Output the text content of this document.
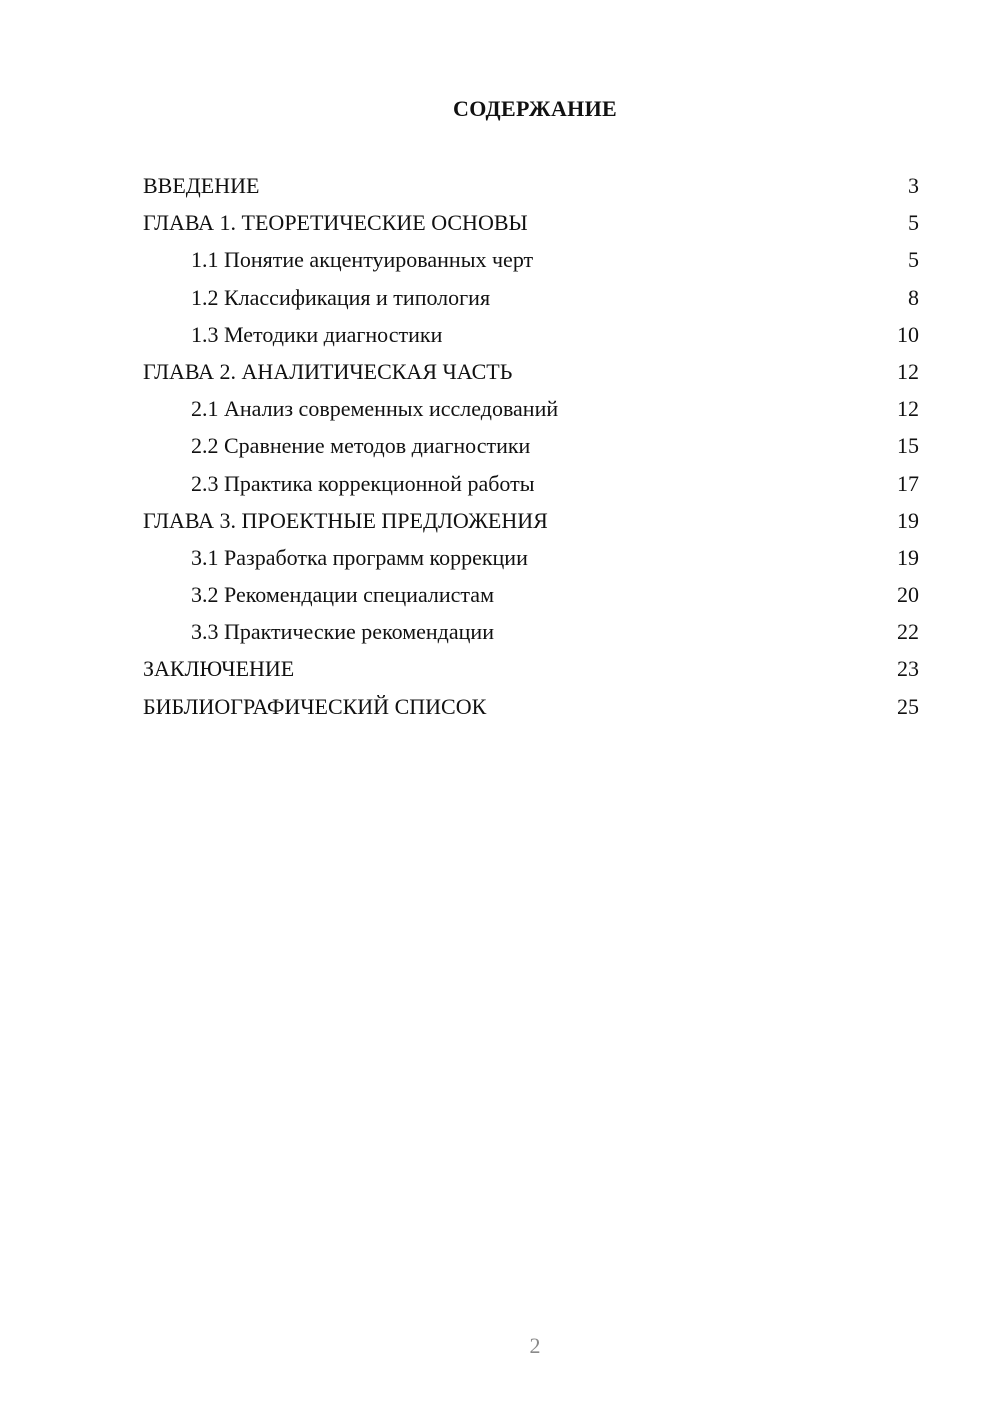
СОДЕРЖАНИЕ
ВВЕДЕНИЕ	3
ГЛАВА 1. ТЕОРЕТИЧЕСКИЕ ОСНОВЫ	5
1.1 Понятие акцентуированных черт	5
1.2 Классификация и типология	8
1.3 Методики диагностики	10
ГЛАВА 2. АНАЛИТИЧЕСКАЯ ЧАСТЬ	12
2.1 Анализ современных исследований	12
2.2 Сравнение методов диагностики	15
2.3 Практика коррекционной работы	17
ГЛАВА 3. ПРОЕКТНЫЕ ПРЕДЛОЖЕНИЯ	19
3.1 Разработка программ коррекции	19
3.2 Рекомендации специалистам	20
3.3 Практические рекомендации	22
ЗАКЛЮЧЕНИЕ	23
БИБЛИОГРАФИЧЕСКИЙ СПИСОК	25
2
